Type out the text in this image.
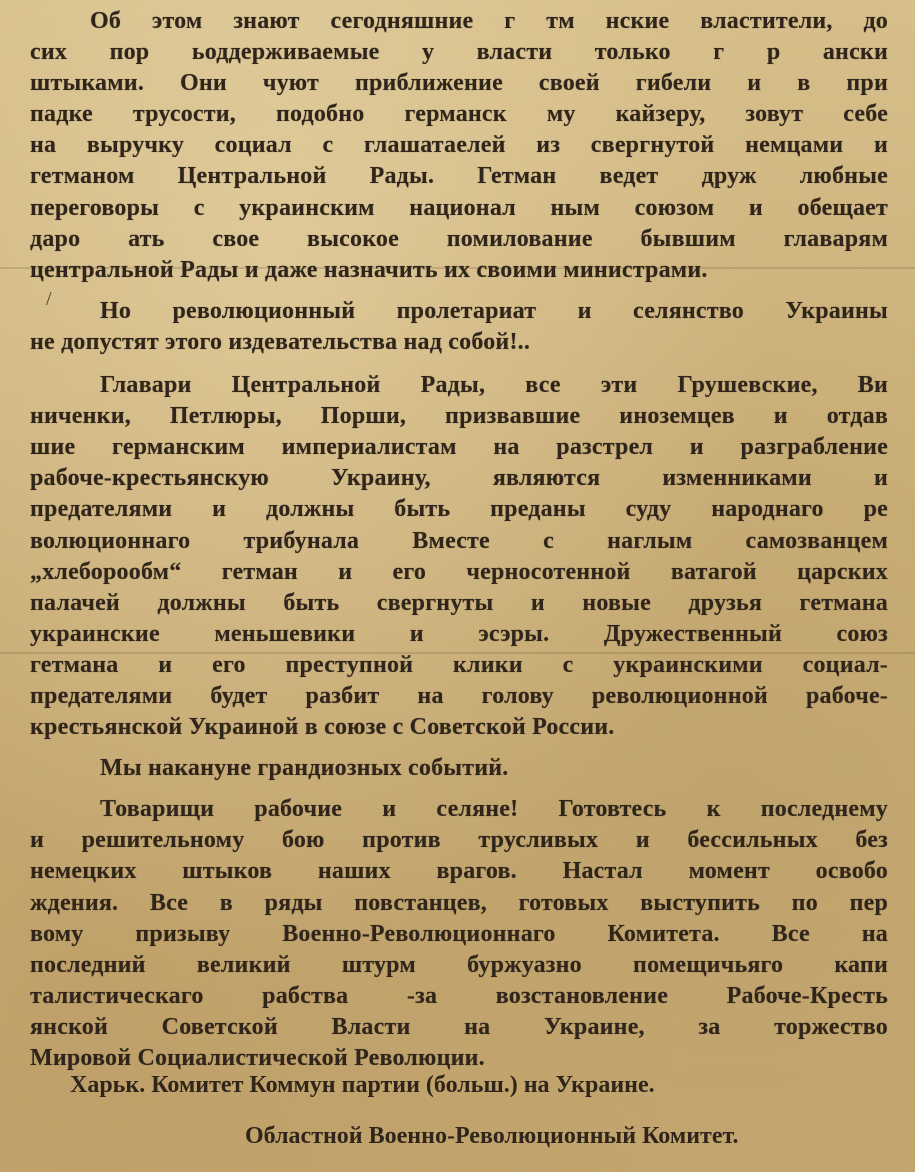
/
Об этом знают сегодняшние г тм нские властители, до
сих пор ьоддерживаемые у власти только г р ански
штыками. Они чуют приближение своей гибели и в при
падке трусости, подобно германск му кайзеру, зовут себе
на выручку социал с глашатаелей из свергнутой немцами и
гетманом Центральной Рады. Гетман ведет друж любные
переговоры с украинским национал ным союзом и обещает
даро ать свое высокое помилование бывшим главарям
центральной Рады и даже назначить их своими министрами.
Но революционный пролетариат и селянство Украины
не допустят этого издевательства над собой!..
Главари Центральной Рады, все эти Грушевские, Ви
ниченки, Петлюры, Порши, призвавшие иноземцев и отдав
шие германским империалистам на разстрел и разграбление
рабоче-крестьянскую Украину, являются изменниками и
предателями и должны быть преданы суду народнаго ре
волюционнаго трибунала Вместе с наглым самозванцем
„хлеборообм“ гетман и его черносотенной ватагой царских
палачей должны быть свергнуты и новые друзья гетмана
украинские меньшевики и эсэры. Дружественный союз
гетмана и его преступной клики с украинскими социал-
предателями будет разбит на голову революционной рабоче-
крестьянской Украиной в союзе с Советской России.
Мы накануне грандиозных событий.
Товарищи рабочие и селяне! Готовтесь к последнему
и решительному бою против трусливых и бессильных без
немецких штыков наших врагов. Настал момент освобо
ждения. Все в ряды повстанцев, готовых выступить по пер
вому призыву Военно-Революционнаго Комитета. Все на
последний великий штурм буржуазно помещичьяго капи
талистическаго рабства -за возстановление Рабоче-Кресть
янской Советской Власти на Украине, за торжество
Мировой Социалистической Революции.
Харьк. Комитет Коммун партии (больш.) на Украине.
Областной Военно-Революционный Комитет.
